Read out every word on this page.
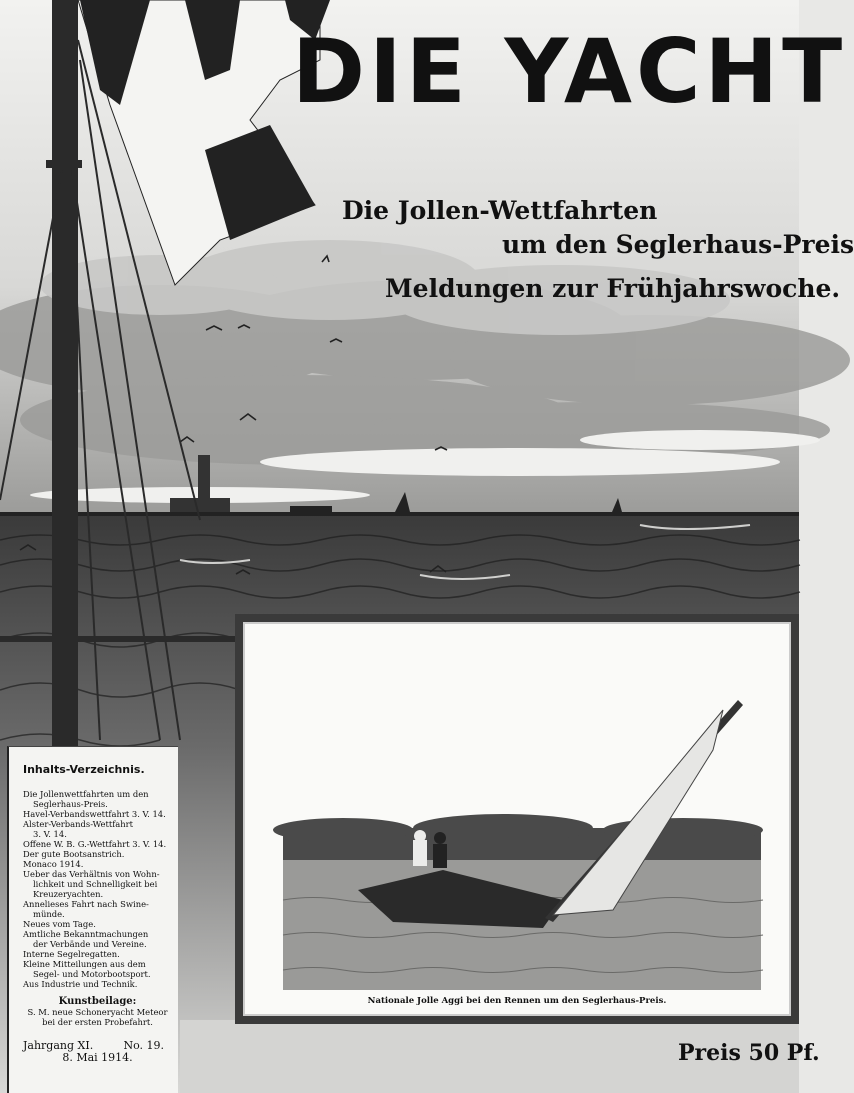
DIE YACHT
Die Jollen-Wettfahrten
um den Seglerhaus-Preis
Meldungen zur Frühjahrswoche.
Nationale Jolle Aggi bei den Rennen um den Seglerhaus-Preis.
Inhalts-Verzeichnis.
Die Jollenwettfahrten um den
Seglerhaus-Preis.
Havel-Verbandswettfahrt 3. V. 14.
Alster-Verbands-Wettfahrt
3. V. 14.
Offene W. B. G.-Wettfahrt 3. V. 14.
Der gute Bootsanstrich.
Monaco 1914.
Ueber das Verhältnis von Wohn-
lichkeit und Schnelligkeit bei
Kreuzeryachten.
Annelieses Fahrt nach Swine-
münde.
Neues vom Tage.
Amtliche Bekanntmachungen
der Verbände und Vereine.
Interne Segelregatten.
Kleine Mitteilungen aus dem
Segel- und Motorbootsport.
Aus Industrie und Technik.
Kunstbeilage:
S. M. neue Schoneryacht Meteor
bei der ersten Probefahrt.
Jahrgang XI.	No. 19.
8. Mai 1914.	Preis 50 Pf.
